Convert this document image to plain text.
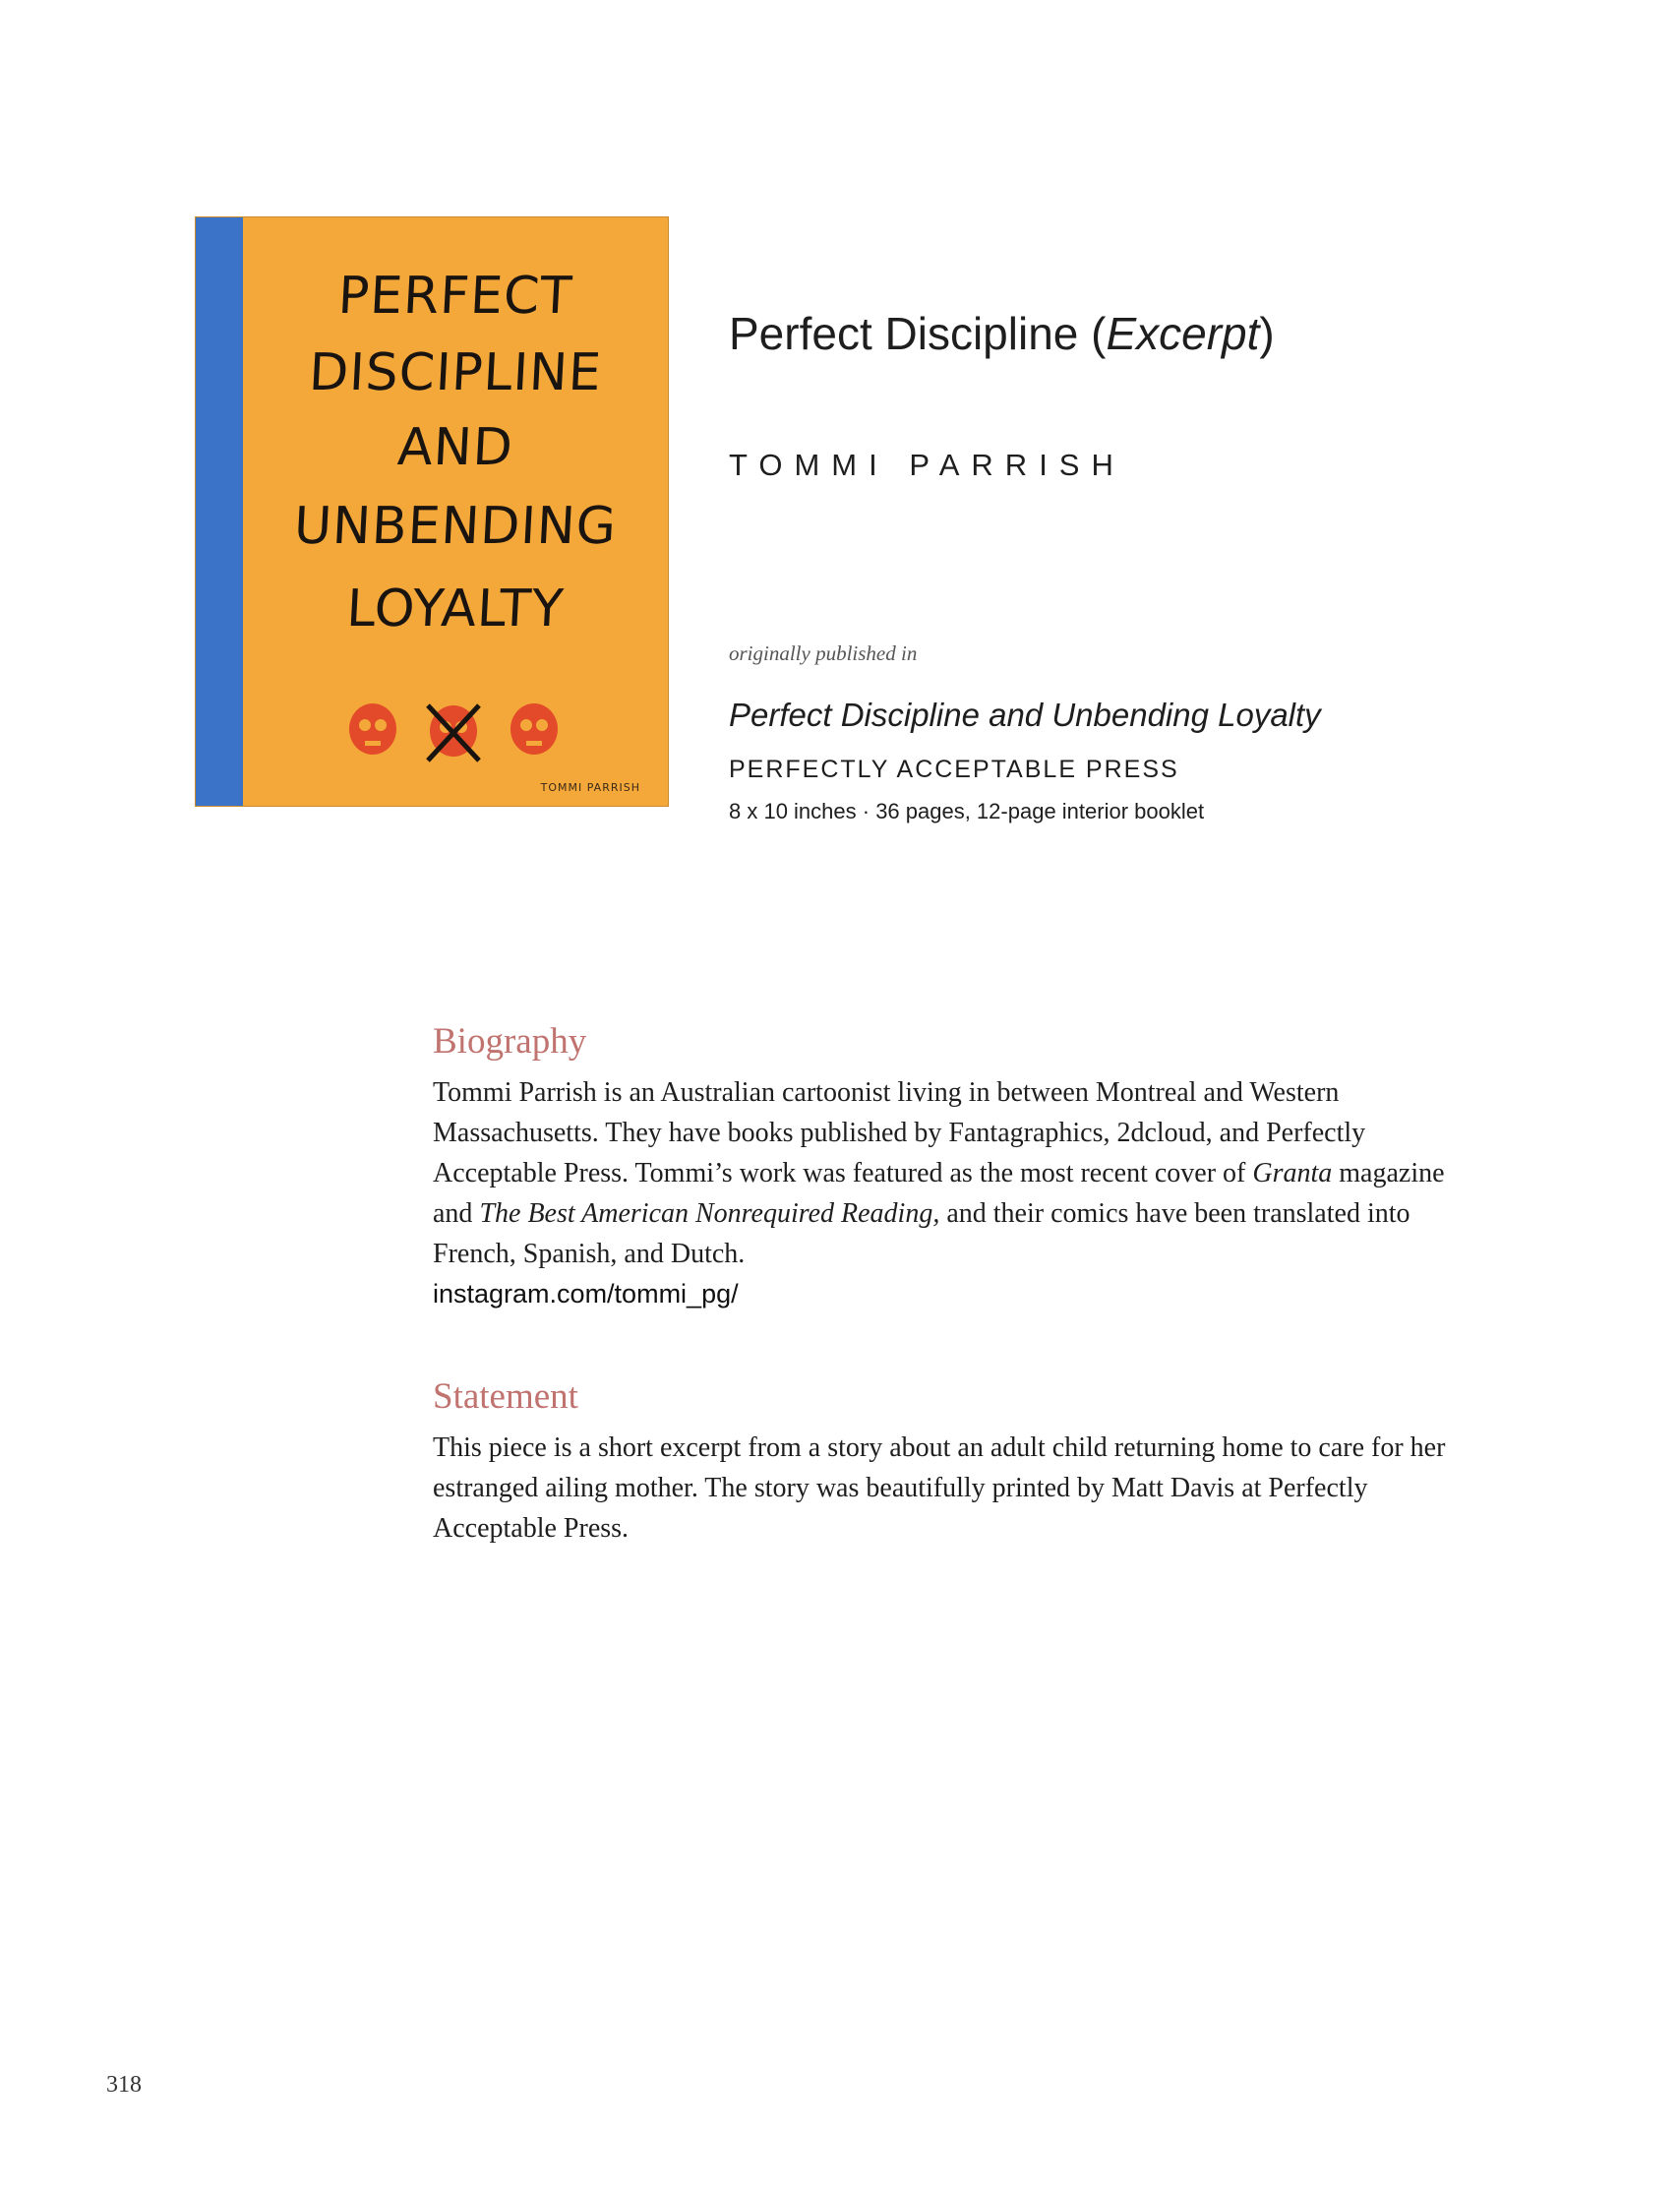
PERFECT
DISCIPLINE
AND
UNBENDING
LOYALTY
TOMMI PARRISH
Perfect Discipline (Excerpt)
TOMMI PARRISH
originally published in
Perfect Discipline and Unbending Loyalty
PERFECTLY ACCEPTABLE PRESS
8 x 10 inches · 36 pages, 12-page interior booklet
Biography
Tommi Parrish is an Australian cartoonist living in between Montreal and Western Massachusetts. They have books published by Fantagraphics, 2dcloud, and Perfectly Acceptable Press. Tommi’s work was featured as the most recent cover of Granta magazine and The Best American Nonrequired Reading, and their comics have been translated into French, Spanish, and Dutch.
instagram.com/tommi_pg/
Statement
This piece is a short excerpt from a story about an adult child returning home to care for her estranged ailing mother. The story was beautifully printed by Matt Davis at Perfectly Acceptable Press.
318
